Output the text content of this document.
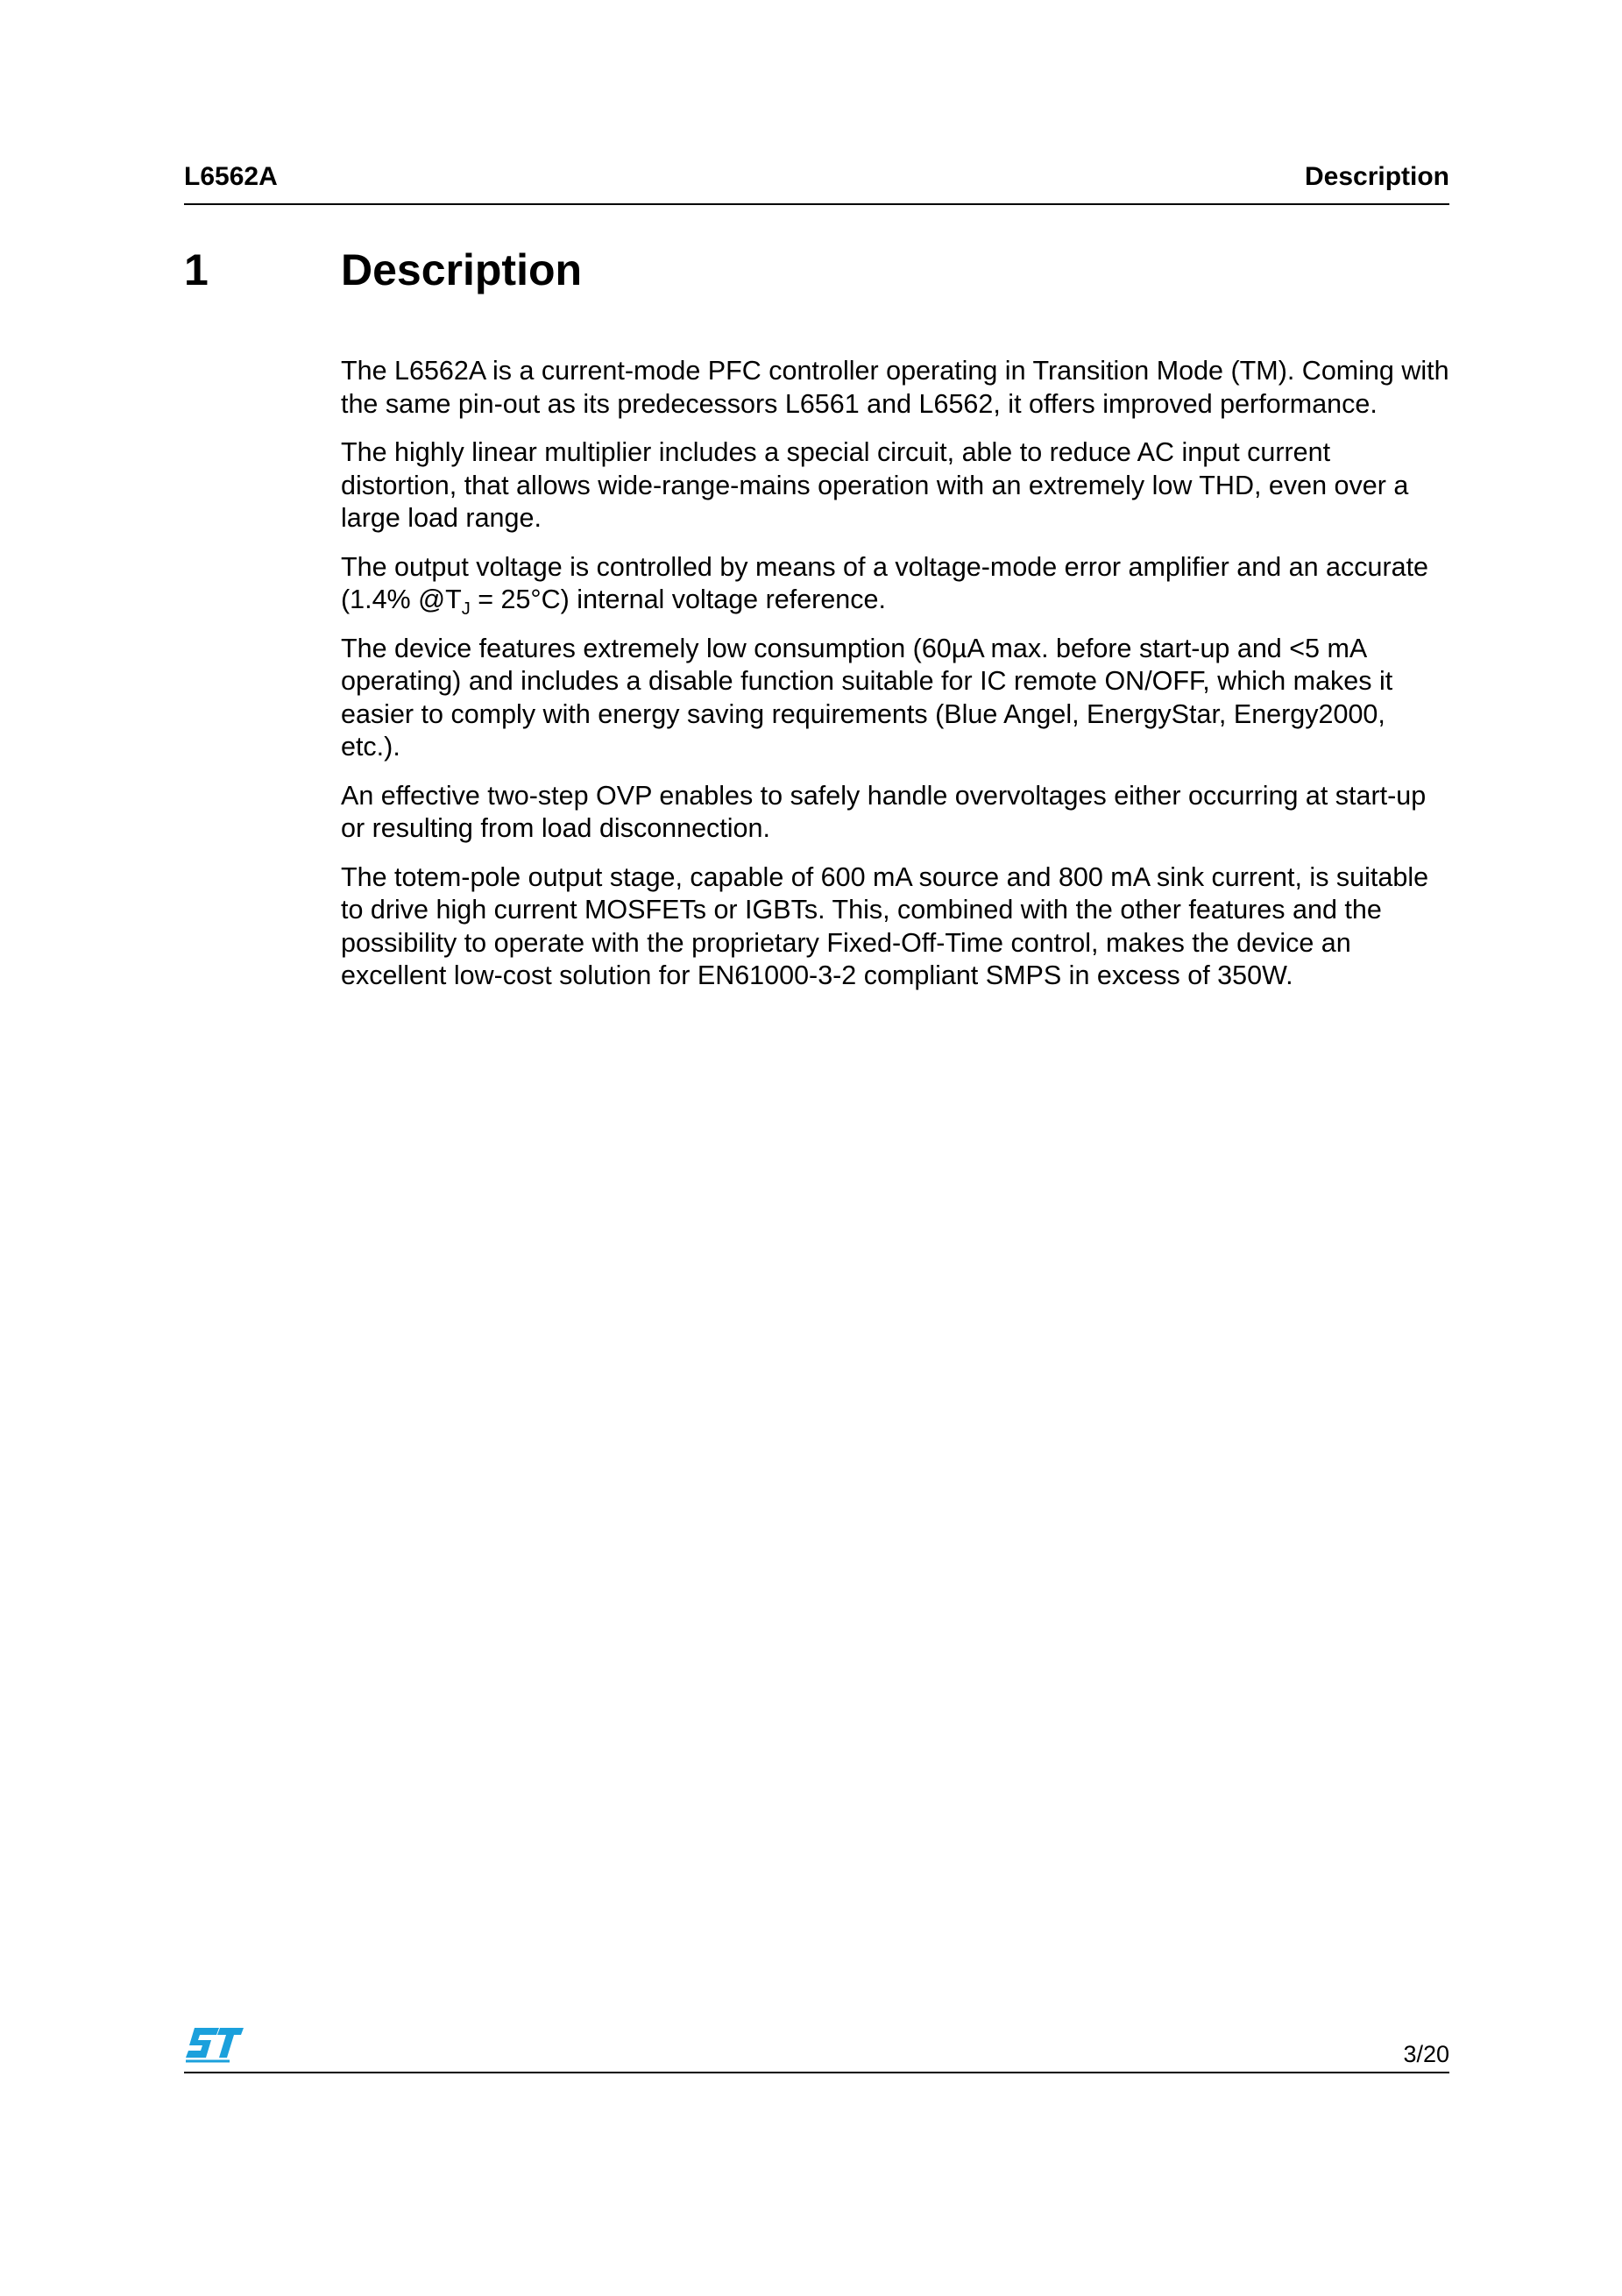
L6562A	Description
1	Description

The L6562A is a current-mode PFC controller operating in Transition Mode (TM). Coming with the same pin-out as its predecessors L6561 and L6562, it offers improved performance.

The highly linear multiplier includes a special circuit, able to reduce AC input current distortion, that allows wide-range-mains operation with an extremely low THD, even over a large load range.

The output voltage is controlled by means of a voltage-mode error amplifier and an accurate (1.4% $@T_J = 25^\circ C$) internal voltage reference.

The device features extremely low consumption (60µA max. before start-up and <5 mA operating) and includes a disable function suitable for IC remote ON/OFF, which makes it easier to comply with energy saving requirements (Blue Angel, EnergyStar, Energy2000, etc.).

An effective two-step OVP enables to safely handle overvoltages either occurring at start-up or resulting from load disconnection.

The totem-pole output stage, capable of 600 mA source and 800 mA sink current, is suitable to drive high current MOSFETs or IGBTs. This, combined with the other features and the possibility to operate with the proprietary Fixed-Off-Time control, makes the device an excellent low-cost solution for EN61000-3-2 compliant SMPS in excess of 350W.

3/20
